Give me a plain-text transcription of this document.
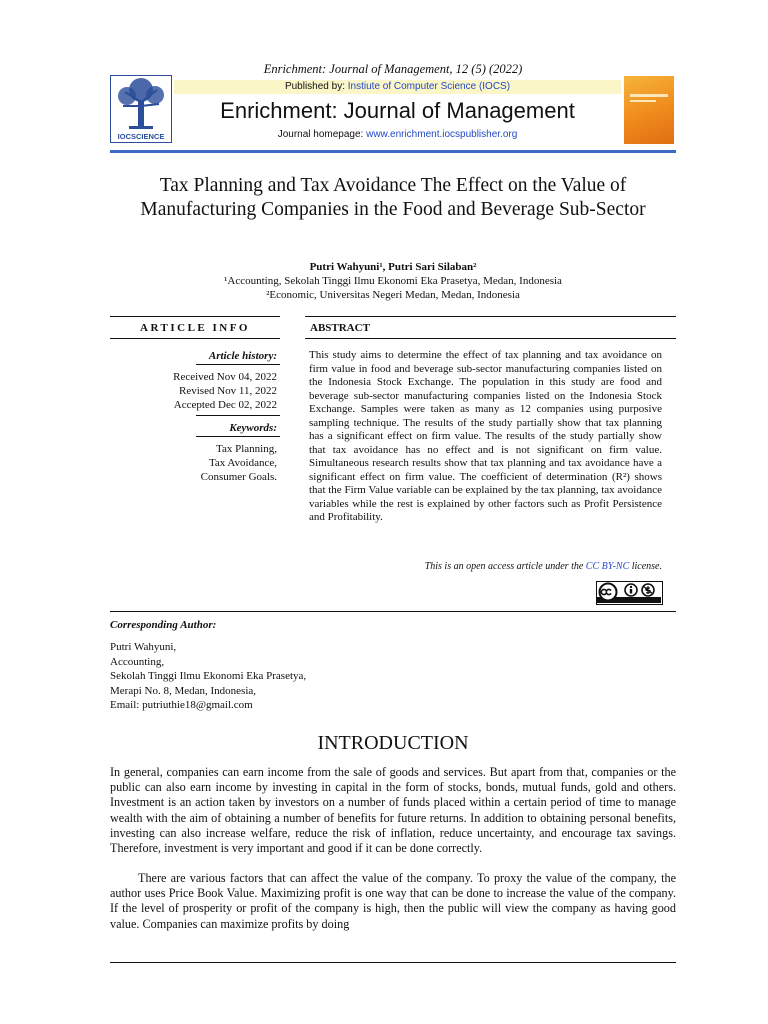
Enrichment: Journal of Management, 12 (5) (2022)
IOCSCIENCE
Published by: Instiute of Computer Science (IOCS)
Enrichment: Journal of Management
Journal homepage: www.enrichment.iocspublisher.org
Tax Planning and Tax Avoidance The Effect on the Value of Manufacturing Companies in the Food and Beverage Sub-Sector
Putri Wahyuni¹, Putri Sari Silaban²
¹Accounting, Sekolah Tinggi Ilmu Ekonomi Eka Prasetya, Medan, Indonesia
²Economic, Universitas Negeri Medan, Medan, Indonesia
ARTICLE INFO	ABSTRACT
Article history:
Received Nov 04, 2022
Revised Nov 11, 2022
Accepted Dec 02, 2022
Keywords:
Tax Planning,
Tax Avoidance,
Consumer Goals.
This study aims to determine the effect of tax planning and tax avoidance on firm value in food and beverage sub-sector manufacturing companies listed on the Indonesia Stock Exchange. The population in this study are food and beverage sub-sector manufacturing companies listed on the Indonesia Stock Exchange. Samples were taken as many as 12 companies using purposive sampling technique. The results of the study partially show that tax planning has a significant effect on firm value. The results of the study partially show that tax avoidance has no effect and is not significant on firm value. Simultaneous research results show that tax planning and tax avoidance have a significant effect on firm value. The coefficient of determination (R²) shows that the Firm Value variable can be explained by the tax planning, tax avoidance variables while the rest is explained by other factors such as Profit Persistence and Profitability.
This is an open access article under the CC BY-NC license.
Corresponding Author:
Putri Wahyuni,
Accounting,
Sekolah Tinggi Ilmu Ekonomi Eka Prasetya,
Merapi No. 8, Medan, Indonesia,
Email: putriuthie18@gmail.com
INTRODUCTION
In general, companies can earn income from the sale of goods and services. But apart from that, companies or the public can also earn income by investing in capital in the form of stocks, bonds, mutual funds, gold and others. Investment is an action taken by investors on a number of funds placed within a certain period of time to manage wealth with the aim of obtaining a number of benefits for future returns. In addition to obtaining personal benefits, investing can also increase welfare, reduce the risk of inflation, reduce uncertainty, and encourage tax savings. Therefore, investment is very important and good if it can be done correctly.
There are various factors that can affect the value of the company. To proxy the value of the company, the author uses Price Book Value. Maximizing profit is one way that can be done to increase the value of the company. If the level of prosperity or profit of the company is high, then the public will view the company as having good value. Companies can maximize profits by doing
